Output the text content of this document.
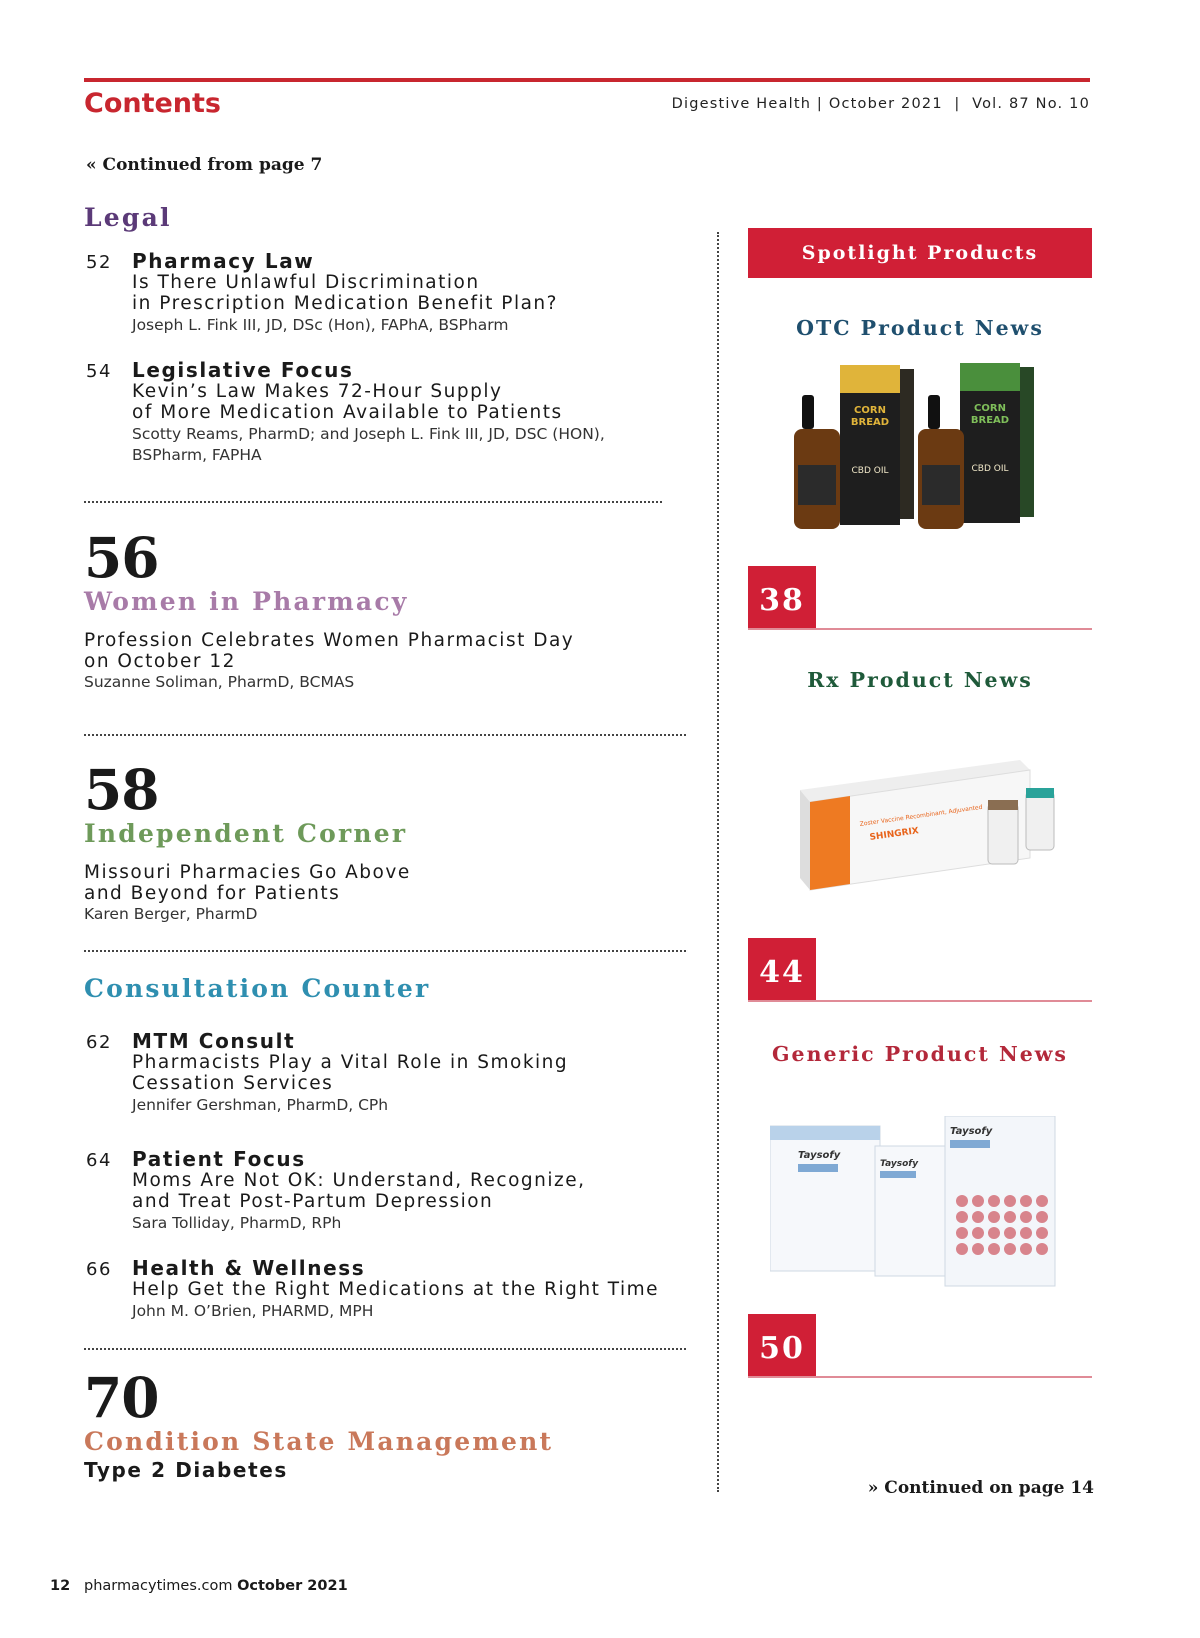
Contents	Digestive Health | October 2021  |  Vol. 87 No. 10
« Continued from page 7
Legal
52 Pharmacy Law
Is There Unlawful Discrimination
in Prescription Medication Benefit Plan?
Joseph L. Fink III, JD, DSc (Hon), FAPhA, BSPharm
54 Legislative Focus
Kevin’s Law Makes 72-Hour Supply
of More Medication Available to Patients
Scotty Reams, PharmD; and Joseph L. Fink III, JD, DSC (HON),
BSPharm, FAPHA
56
Women in Pharmacy
Profession Celebrates Women Pharmacist Day
on October 12
Suzanne Soliman, PharmD, BCMAS
58
Independent Corner
Missouri Pharmacies Go Above
and Beyond for Patients
Karen Berger, PharmD
Consultation Counter
62 MTM Consult
Pharmacists Play a Vital Role in Smoking
Cessation Services
Jennifer Gershman, PharmD, CPh
64 Patient Focus
Moms Are Not OK: Understand, Recognize,
and Treat Post-Partum Depression
Sara Tolliday, PharmD, RPh
66 Health & Wellness
Help Get the Right Medications at the Right Time
John M. O’Brien, PHARMD, MPH
70
Condition State Management
Type 2 Diabetes
Spotlight Products
OTC Product News
CORN
BREAD
CBD OIL
CORN
BREAD
CBD OIL
38
Rx Product News
SHINGRIX
Zoster Vaccine Recombinant, Adjuvanted
44
Generic Product News
Taysofy
Taysofy
Taysofy
50
» Continued on page 14
12 pharmacytimes.com October 2021
